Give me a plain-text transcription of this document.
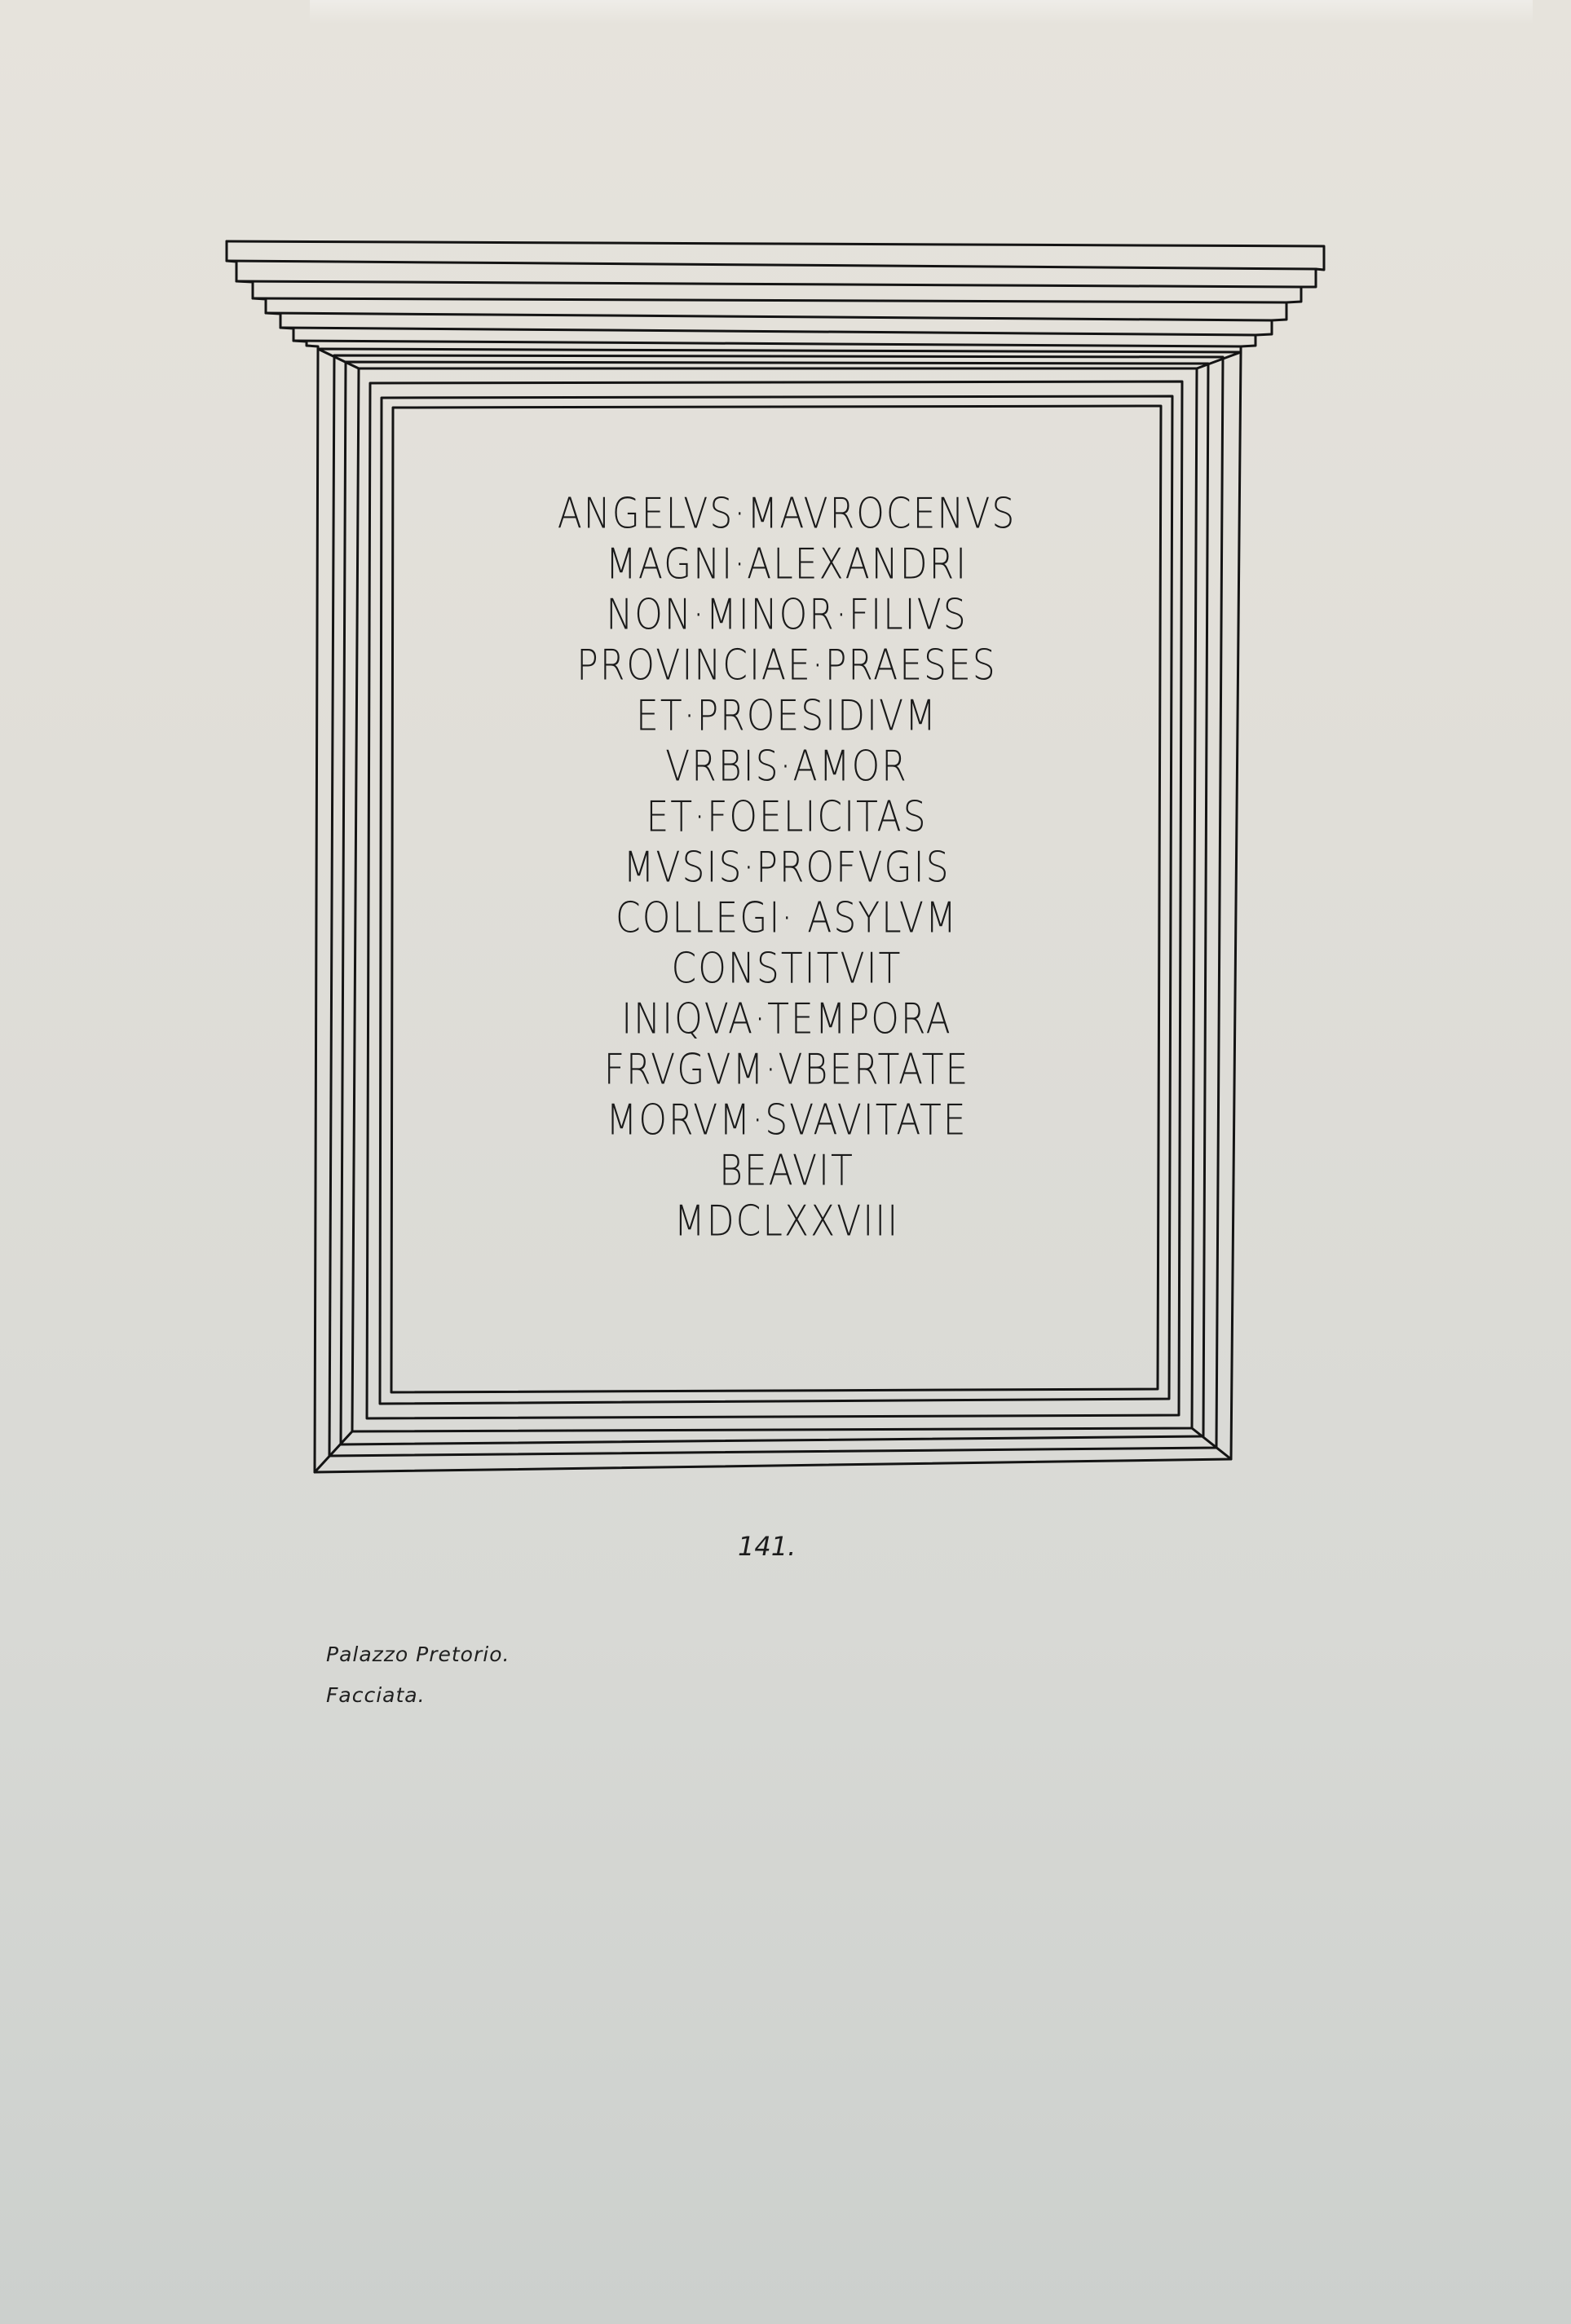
ANGELVS·MAVROCENVS
MAGNI·ALEXANDRI
NON·MINOR·FILIVS
PROVINCIAE·PRAESES
ET·PROESIDIVM
VRBIS·AMOR
ET·FOELICITAS
MVSIS·PROFVGIS
COLLEGI· ASYLVM
CONSTITVIT
INIQVA·TEMPORA
FRVGVM·VBERTATE
MORVM·SVAVITATE
BEAVIT
MDCLXXVIII
141.
Palazzo Pretorio.
Facciata.
